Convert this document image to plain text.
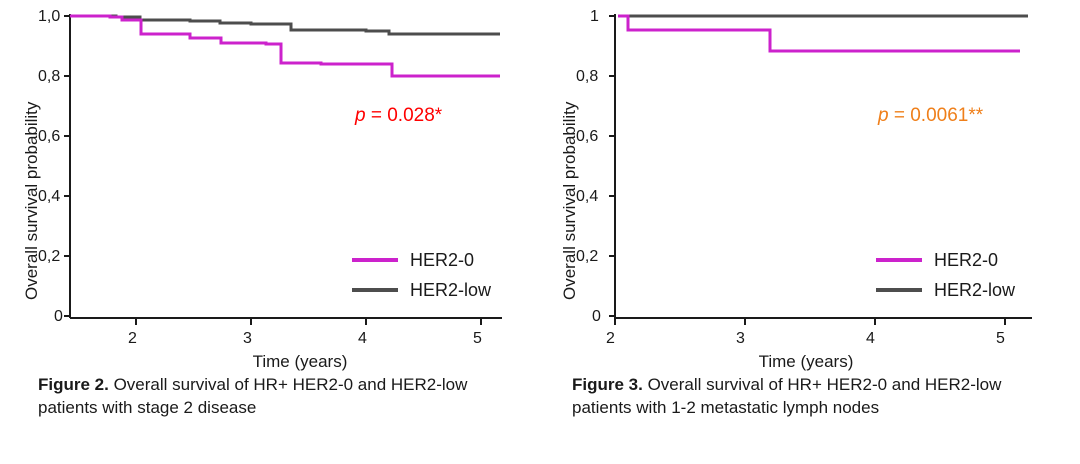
Overall survival probability
1,0
0,8
0,6
0,4
0,2
0
2	3	4	5
Time (years)
p = 0.028*
HER2-0
HER2-low
Figure 2. Overall survival of HR+ HER2-0 and HER2-low patients with stage 2 disease
Overall survival probability
1
0,8
0,6
0,4
0,2
0
2	3	4	5
Time (years)
p = 0.0061**
HER2-0
HER2-low
Figure 3. Overall survival of HR+ HER2-0 and HER2-low patients with 1-2 metastatic lymph nodes
